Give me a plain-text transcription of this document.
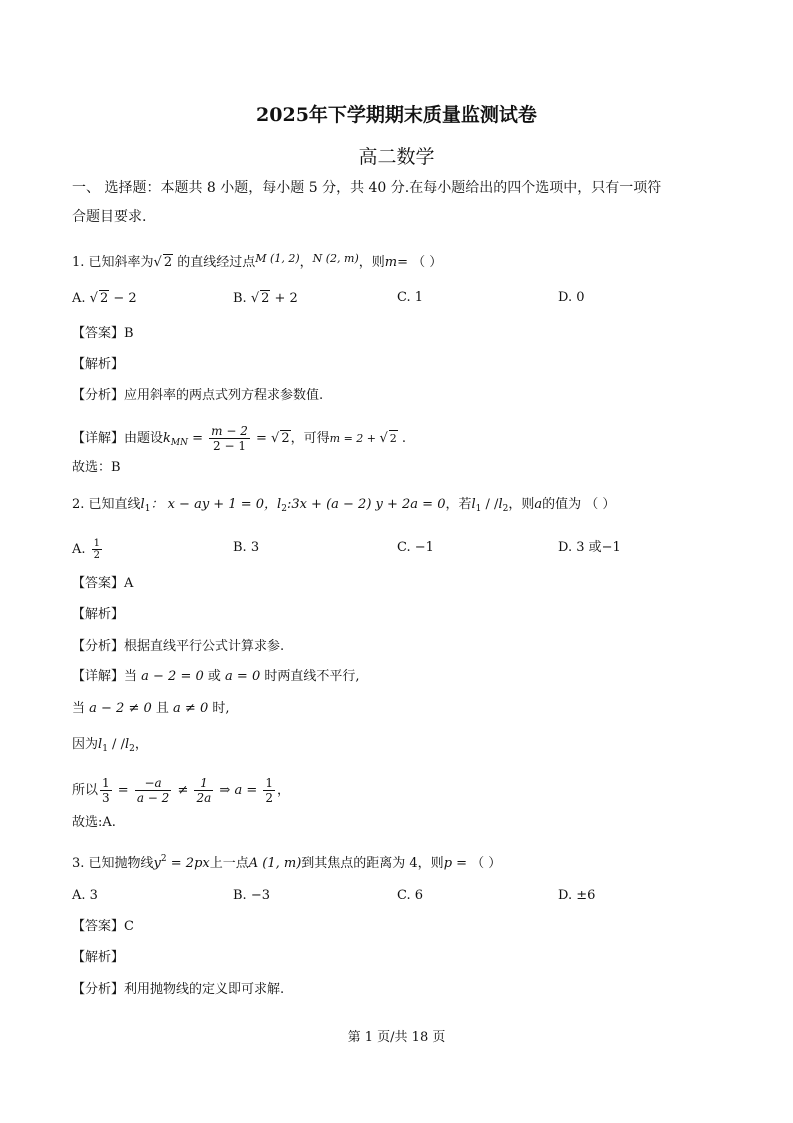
2025年下学期期末质量监测试卷
高二数学
一、 选择题：本题共 8 小题，每小题 5 分，共 40 分.在每小题给出的四个选项中，只有一项符
合题目要求.
1. 已知斜率为√ 2 的直线经过点$^{M (1, 2)}$，$^{N (2, m)}$，则m= （ ）
A. √ 2 − 2	B. √ 2 + 2	C. 1	D. 0
【答案】B
【解析】
【分析】应用斜率的两点式列方程求参数值.
【详解】由题设$k_{MN} = \frac{m - 2}{2 - 1}$ = √ 2，可得m = 2 + √ 2 .
故选：B
2. 已知直线$l_1$： x − ay + 1 = 0，$l_2:3x + (a - 2) y + 2a = 0$，若$l_1 / /l_2$，则a的值为 （ ）
A. $\frac{1}{2}$	B. 3	C. −1	D. 3 或−1
【答案】A
【解析】
【分析】根据直线平行公式计算求参.
【详解】当 a − 2 = 0 或 a = 0 时两直线不平行,
当 a − 2 ≠ 0 且 a ≠ 0 时,
因为$l_1 / /l_2$，
所以 $\frac{1}{3} = \frac{-a}{a - 2} \ne \frac{1}{2a}$ ⇒ $a = \frac{1}{2}$ ，
故选:A.
3. 已知抛物线$y^2 = 2px$上一点A (1, m)到其焦点的距离为 4，则p = （ ）
A. 3	B. −3	C. 6	D. ±6
【答案】C
【解析】
【分析】利用抛物线的定义即可求解.
第 1 页/共 18 页
